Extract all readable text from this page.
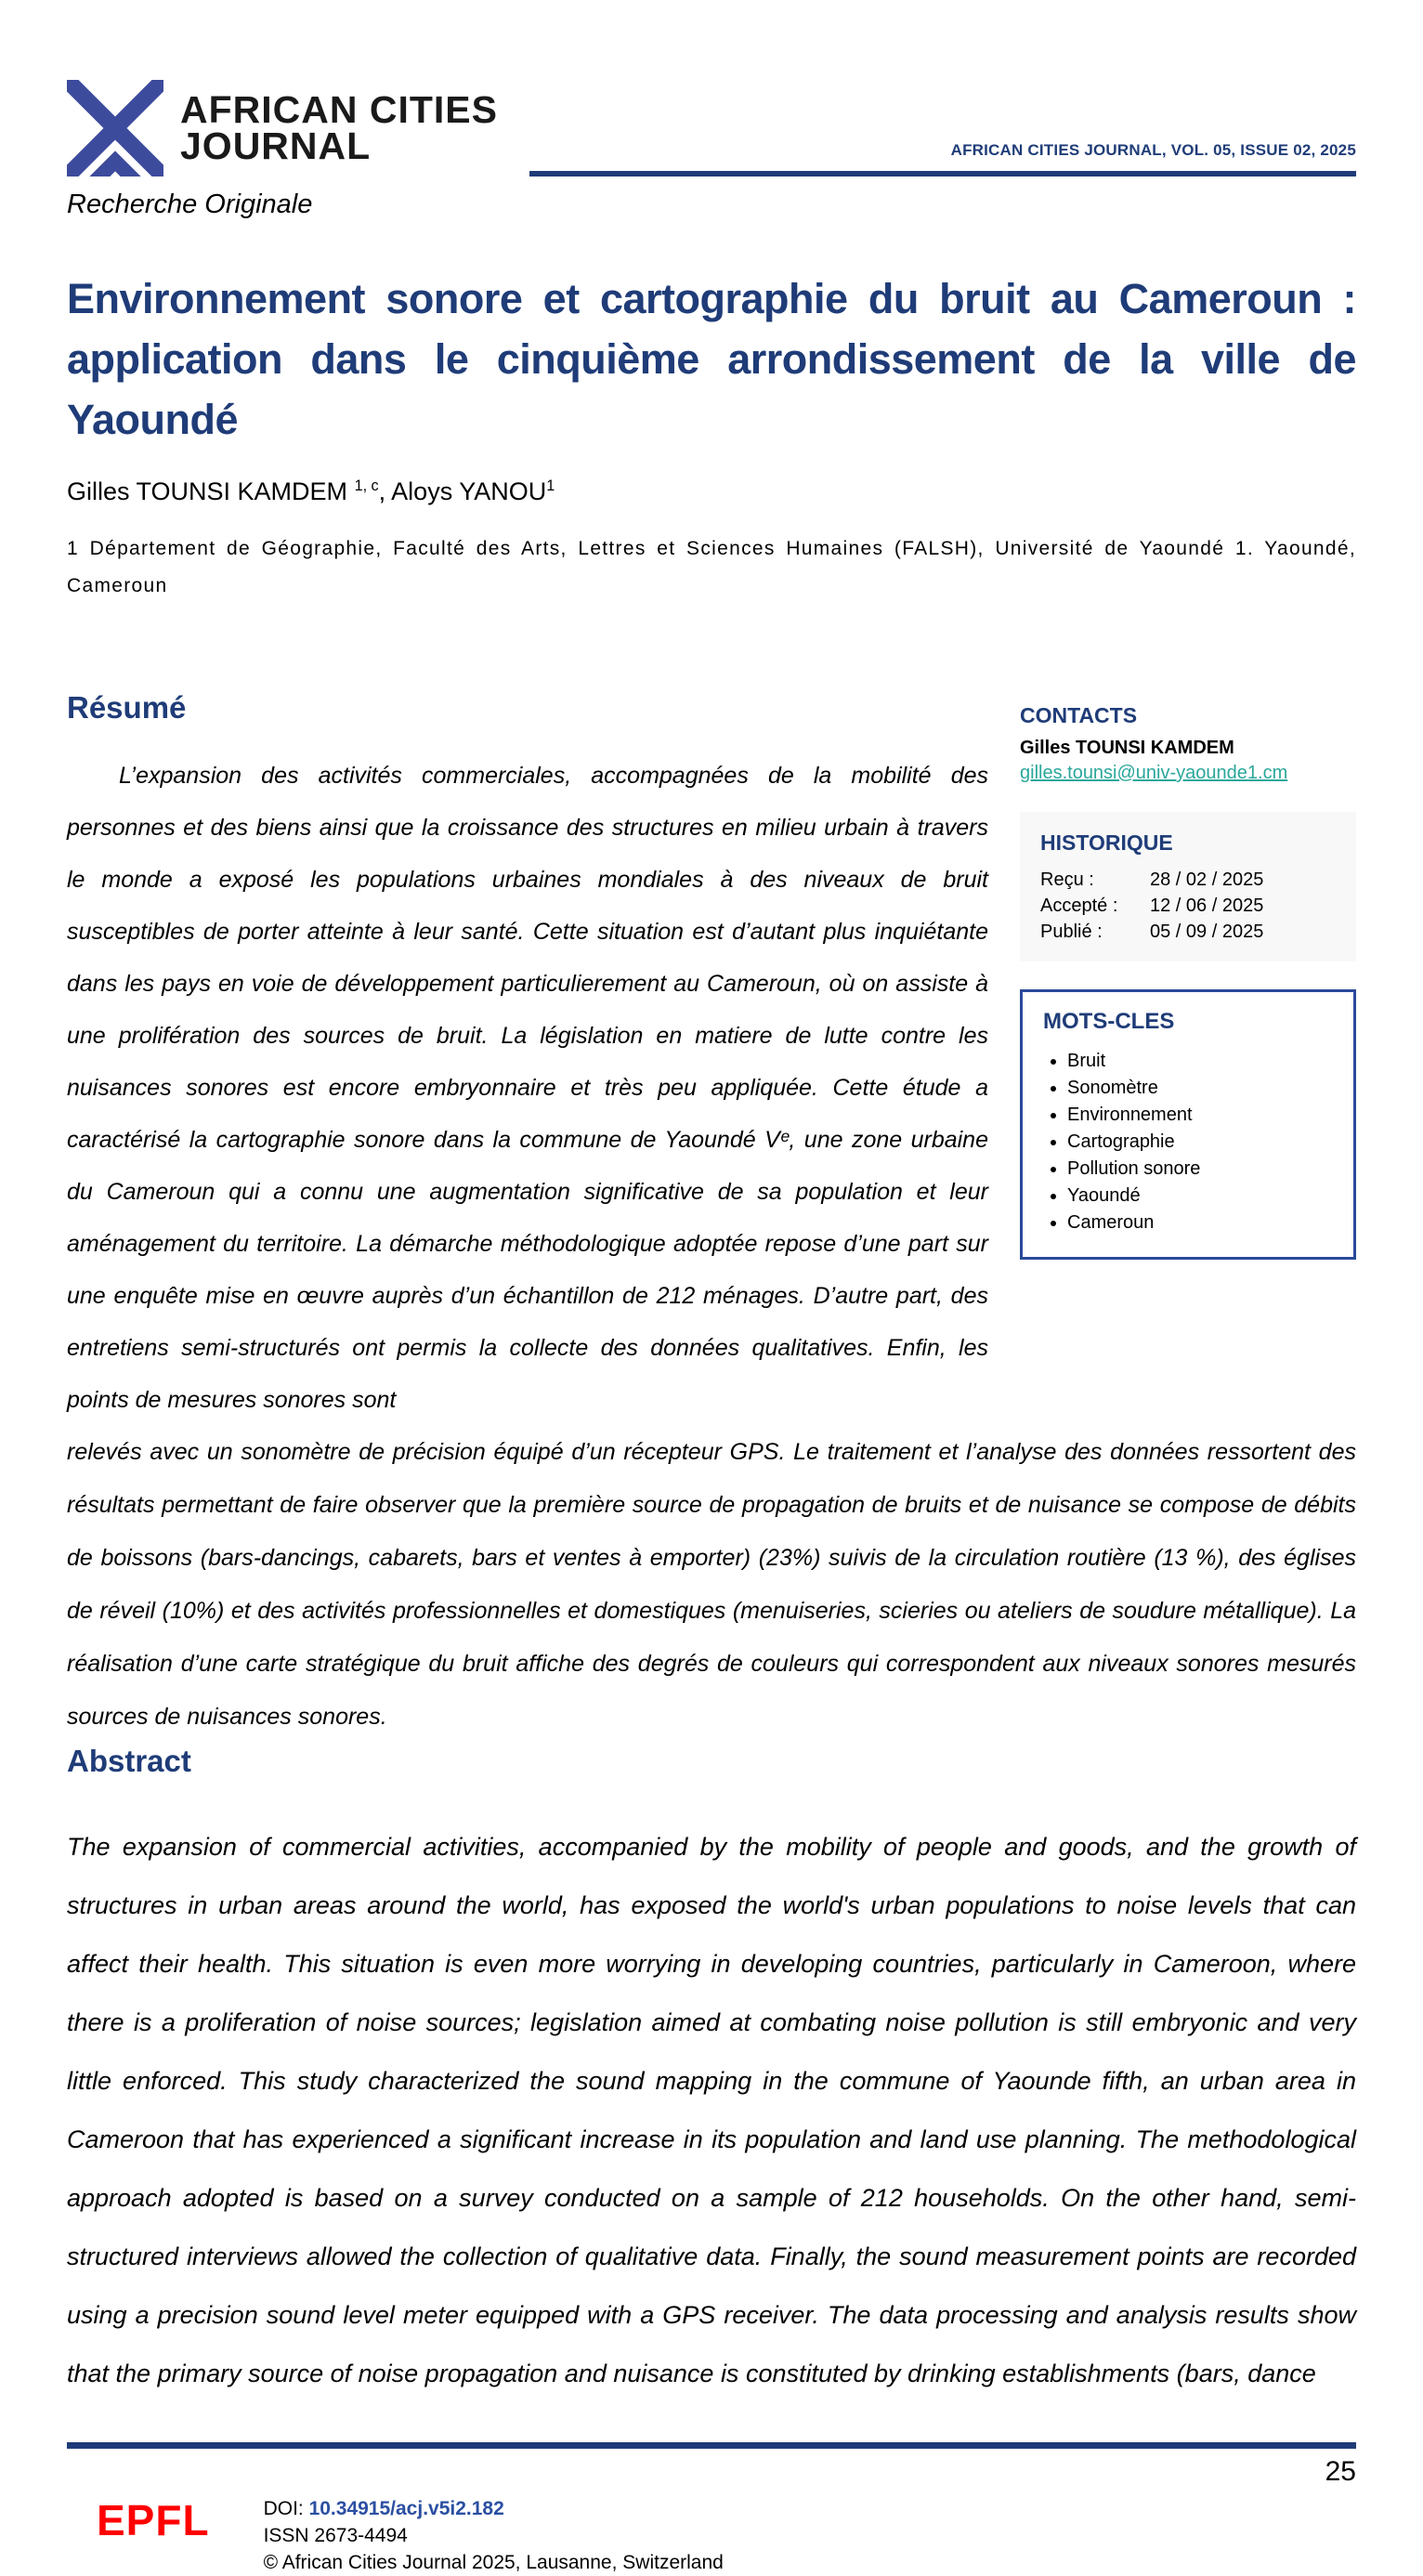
AFRICAN CITIES
JOURNAL	AFRICAN CITIES JOURNAL, VOL. 05, ISSUE 02, 2025
Recherche Originale
Environnement sonore et cartographie du bruit au Cameroun : application dans le cinquième arrondissement de la ville de Yaoundé
Gilles TOUNSI KAMDEM $^{1, c}$, Aloys YANOU$^1$
1 Département de Géographie, Faculté des Arts, Lettres et Sciences Humaines (FALSH), Université de Yaoundé 1. Yaoundé, Cameroun
Résumé
L’expansion des activités commerciales, accompagnées de la mobilité des personnes et des biens ainsi que la croissance des structures en milieu urbain à travers le monde a exposé les populations urbaines mondiales à des niveaux de bruit susceptibles de porter atteinte à leur santé. Cette situation est d’autant plus inquiétante dans les pays en voie de développement particulierement au Cameroun, où on assiste à une prolifération des sources de bruit. La législation en matiere de lutte contre les nuisances sonores est encore embryonnaire et très peu appliquée. Cette étude a caractérisé la cartographie sonore dans la commune de Yaoundé Vᵉ, une zone urbaine du Cameroun qui a connu une augmentation significative de sa population et leur aménagement du territoire. La démarche méthodologique adoptée repose d’une part sur une enquête mise en œuvre auprès d’un échantillon de 212 ménages. D’autre part, des entretiens semi-structurés ont permis la collecte des données qualitatives. Enfin, les points de mesures sonores sont
CONTACTS
Gilles TOUNSI KAMDEM
gilles.tounsi@univ-yaounde1.cm
HISTORIQUE
Reçu :	28 / 02 / 2025
Accepté :	12 / 06 / 2025
Publié :	05 / 09 / 2025
MOTS-CLES
• Bruit
• Sonomètre
• Environnement
• Cartographie
• Pollution sonore
• Yaoundé
• Cameroun
relevés avec un sonomètre de précision équipé d’un récepteur GPS. Le traitement et l’analyse des données ressortent des résultats permettant de faire observer que la première source de propagation de bruits et de nuisance se compose de débits de boissons (bars-dancings, cabarets, bars et ventes à emporter) (23%) suivis de la circulation routière (13 %), des églises de réveil (10%) et des activités professionnelles et domestiques (menuiseries, scieries ou ateliers de soudure métallique). La réalisation d’une carte stratégique du bruit affiche des degrés de couleurs qui correspondent aux niveaux sonores mesurés sources de nuisances sonores.
Abstract
The expansion of commercial activities, accompanied by the mobility of people and goods, and the growth of structures in urban areas around the world, has exposed the world's urban populations to noise levels that can affect their health. This situation is even more worrying in developing countries, particularly in Cameroon, where there is a proliferation of noise sources; legislation aimed at combating noise pollution is still embryonic and very little enforced. This study characterized the sound mapping in the commune of Yaounde fifth, an urban area in Cameroon that has experienced a significant increase in its population and land use planning. The methodological approach adopted is based on a survey conducted on a sample of 212 households. On the other hand, semi-structured interviews allowed the collection of qualitative data. Finally, the sound measurement points are recorded using a precision sound level meter equipped with a GPS receiver. The data processing and analysis results show that the primary source of noise propagation and nuisance is constituted by drinking establishments (bars, dance
25
EPFL	DOI: 10.34915/acj.v5i2.182
ISSN 2673-4494
© African Cities Journal 2025, Lausanne, Switzerland
